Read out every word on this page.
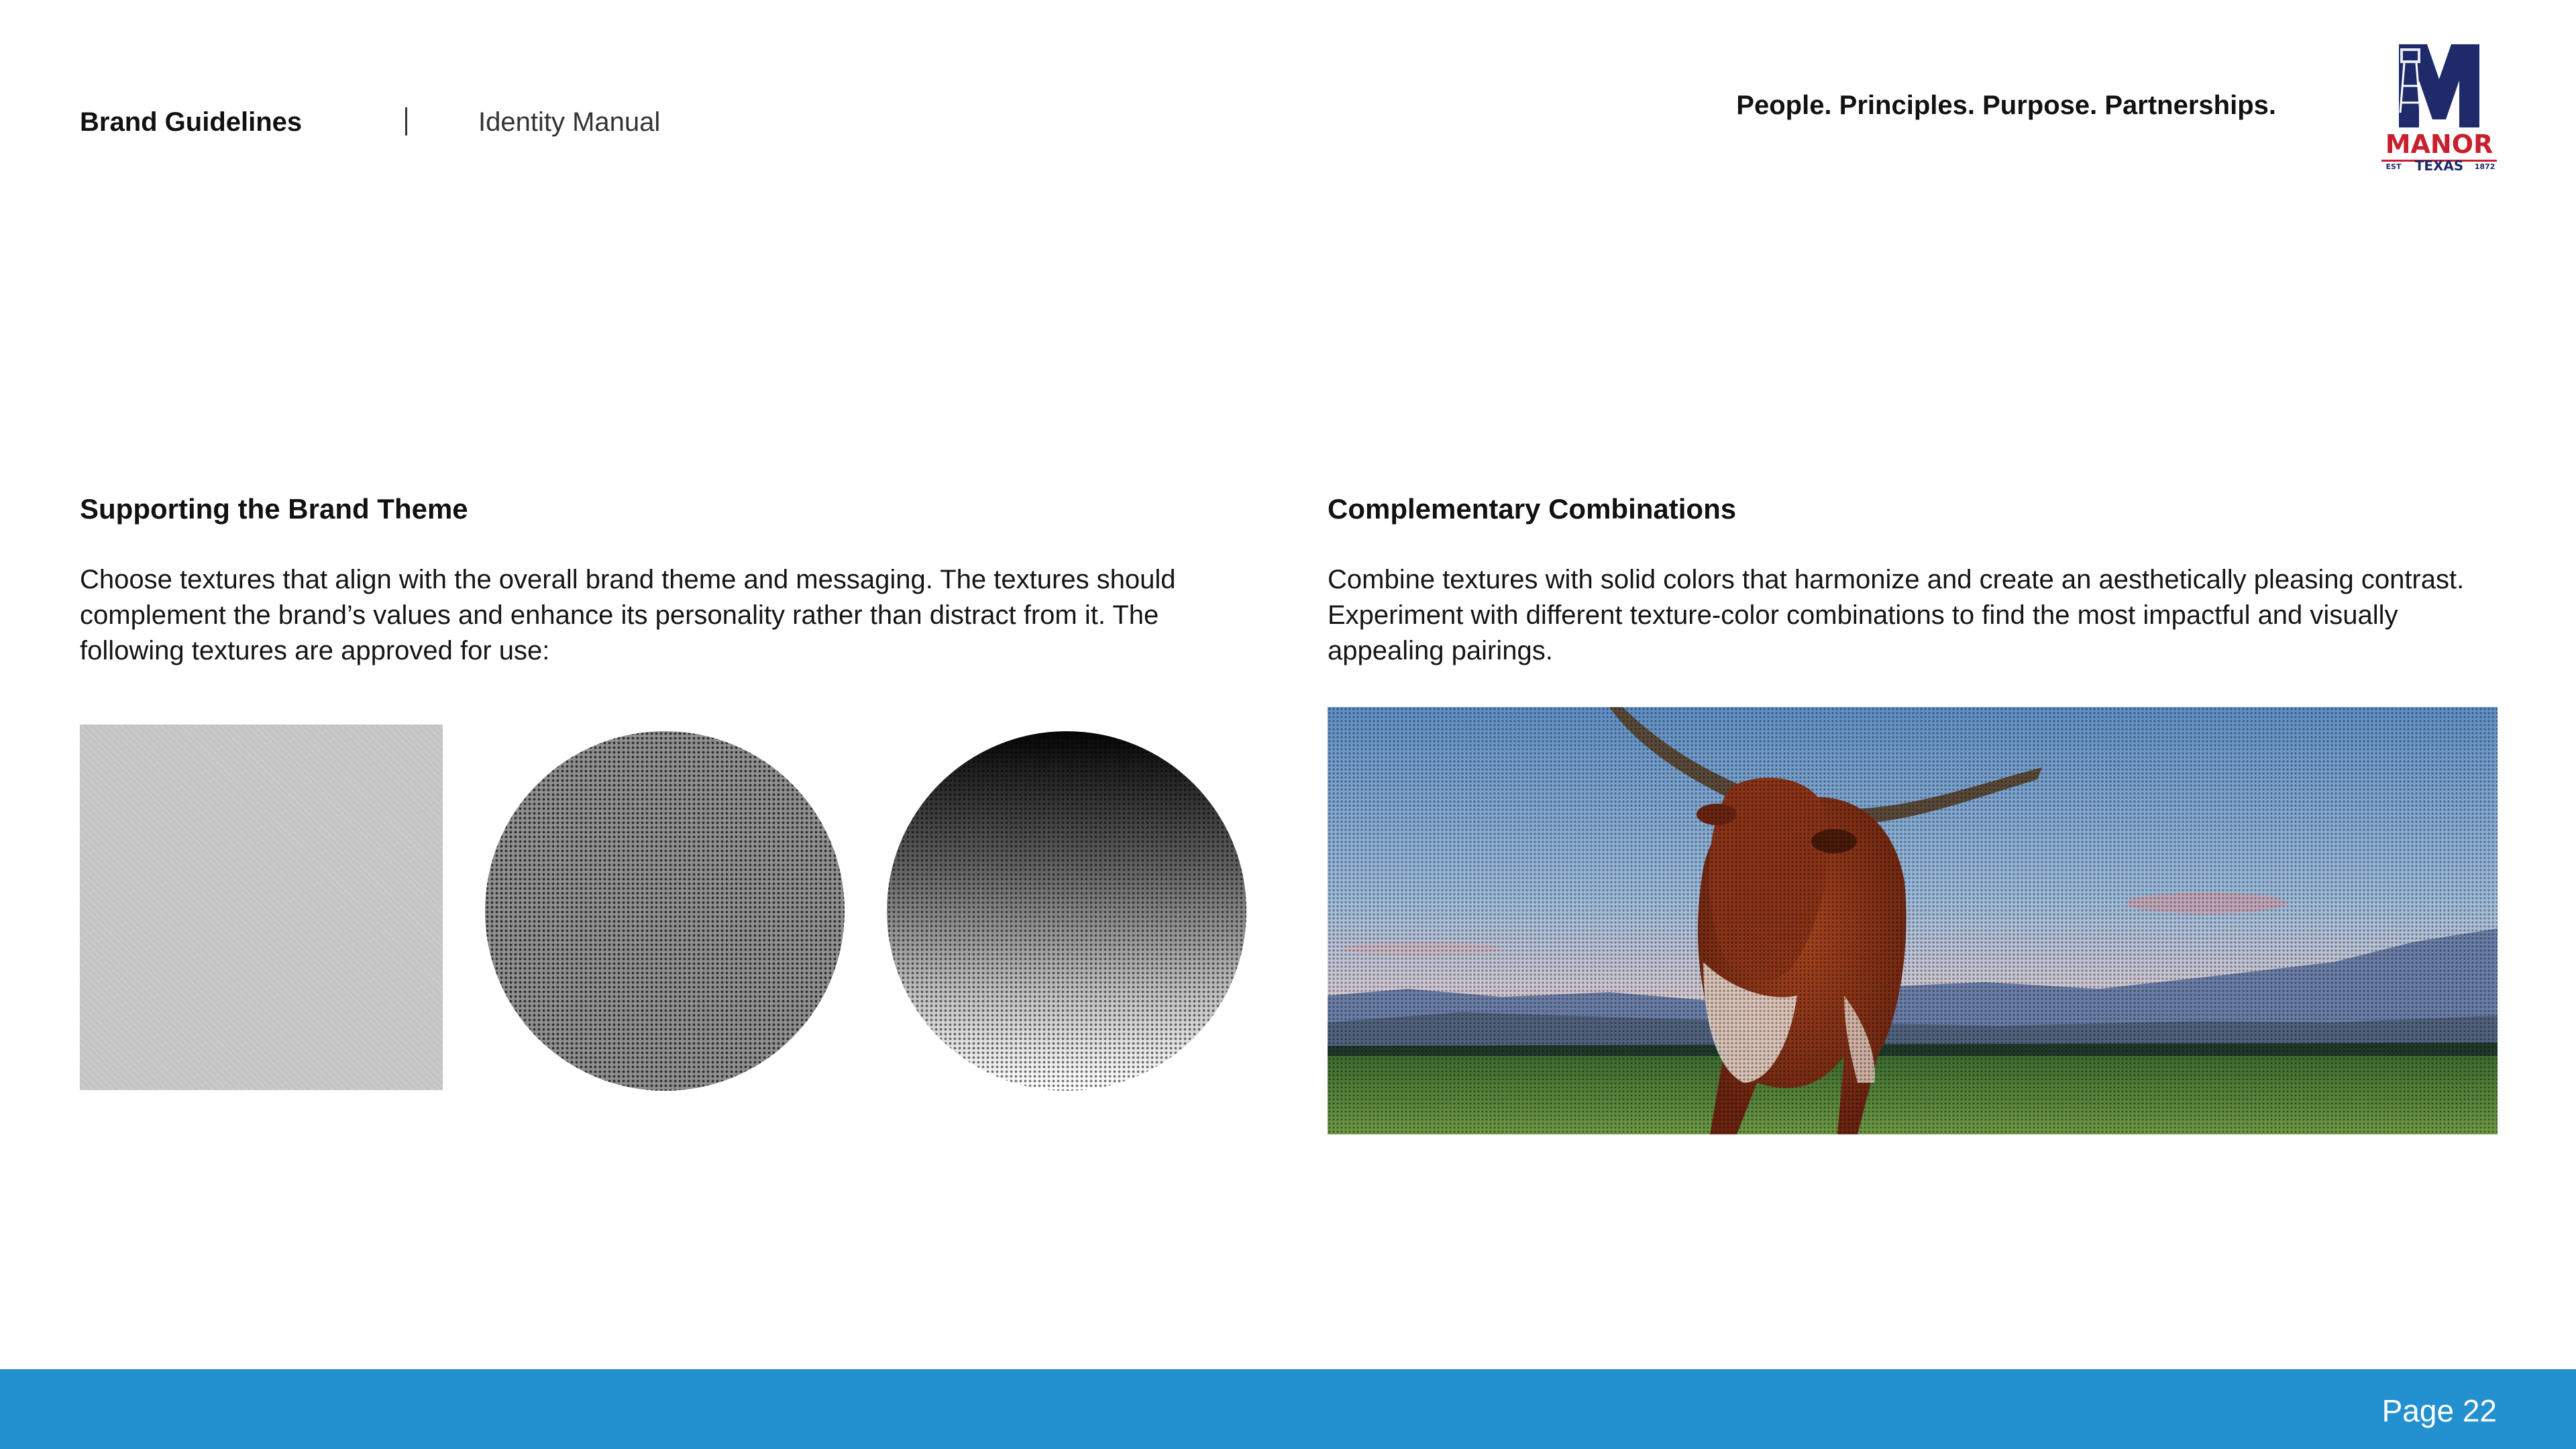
Brand Guidelines	Identity Manual
People. Principles. Purpose. Partnerships.
MANOR
EST TEXAS 1872
Supporting the Brand Theme
Choose textures that align with the overall brand theme and messaging. The textures should complement the brand’s values and enhance its personality rather than distract from it. The following textures are approved for use:
Complementary Combinations
Combine textures with solid colors that harmonize and create an aesthetically pleasing contrast. Experiment with different texture-color combinations to find the most impactful and visually appealing pairings.
Page 22
